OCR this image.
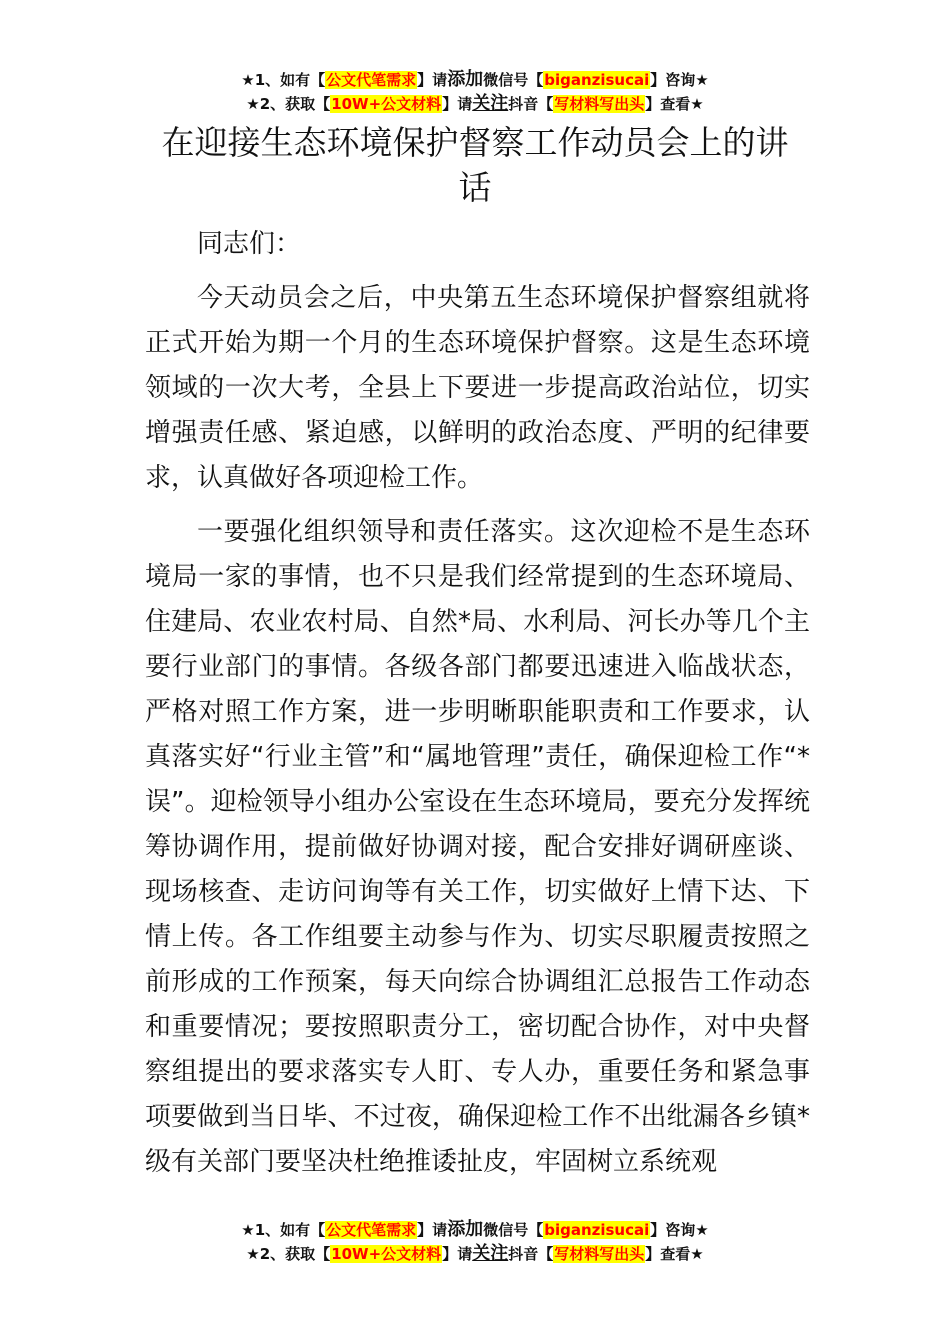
★1、如有【公文代笔需求】请添加微信号【biganzisucai】咨询★
★2、获取【10W+公文材料】请关注抖音【写材料写出头】查看★
在迎接生态环境保护督察工作动员会上的讲
话

同志们：

今天动员会之后，中央第五生态环境保护督察组就将正式开始为期一个月的生态环境保护督察。这是生态环境领域的一次大考，全县上下要进一步提高政治站位，切实增强责任感、紧迫感，以鲜明的政治态度、严明的纪律要求，认真做好各项迎检工作。

一要强化组织领导和责任落实。这次迎检不是生态环境局一家的事情，也不只是我们经常提到的生态环境局、住建局、农业农村局、自然*局、水利局、河长办等几个主要行业部门的事情。各级各部门都要迅速进入临战状态，严格对照工作方案，进一步明晰职能职责和工作要求，认真落实好“行业主管”和“属地管理”责任，确保迎检工作“*误”。迎检领导小组办公室设在生态环境局，要充分发挥统筹协调作用，提前做好协调对接，配合安排好调研座谈、现场核查、走访问询等有关工作，切实做好上情下达、下情上传。各工作组要主动参与作为、切实尽职履责按照之前形成的工作预案，每天向综合协调组汇总报告工作动态和重要情况；要按照职责分工，密切配合协作，对中央督察组提出的要求落实专人盯、专人办，重要任务和紧急事项要做到当日毕、不过夜，确保迎检工作不出纰漏各乡镇*级有关部门要坚决杜绝推诿扯皮，牢固树立系统观

★1、如有【公文代笔需求】请添加微信号【biganzisucai】咨询★
★2、获取【10W+公文材料】请关注抖音【写材料写出头】查看★
